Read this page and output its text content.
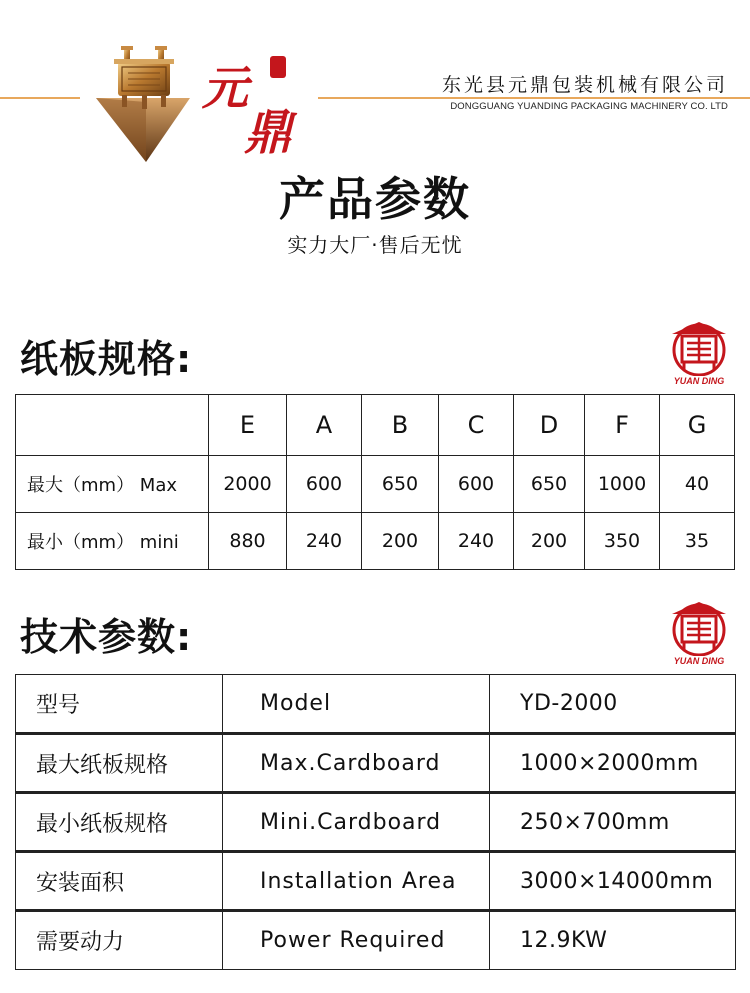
元
鼎
东光县元鼎包装机械有限公司
DONGGUANG YUANDING PACKAGING MACHINERY CO. LTD
产品参数
实力大厂·售后无忧
纸板规格:	YUAN DING
	E	A	B	C	D	F	G
最大（mm） Max	2000	600	650	600	650	1000	40
最小（mm） mini	880	240	200	240	200	350	35
技术参数:
YUAN DING
型号	Model	YD-2000
最大纸板规格	Max.Cardboard	1000×2000mm
最小纸板规格	Mini.Cardboard	250×700mm
安装面积	Installation Area	3000×14000mm
需要动力	Power Required	12.9KW
